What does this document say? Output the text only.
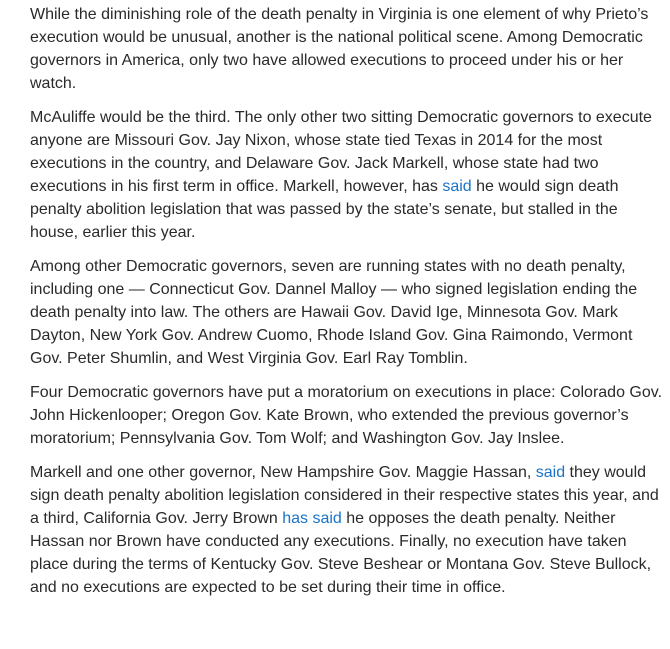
While the diminishing role of the death penalty in Virginia is one element of why Prieto’s execution would be unusual, another is the national political scene. Among Democratic governors in America, only two have allowed executions to proceed under his or her watch.

McAuliffe would be the third. The only other two sitting Democratic governors to execute anyone are Missouri Gov. Jay Nixon, whose state tied Texas in 2014 for the most executions in the country, and Delaware Gov. Jack Markell, whose state had two executions in his first term in office. Markell, however, has said he would sign death penalty abolition legislation that was passed by the state’s senate, but stalled in the house, earlier this year.

Among other Democratic governors, seven are running states with no death penalty, including one — Connecticut Gov. Dannel Malloy — who signed legislation ending the death penalty into law. The others are Hawaii Gov. David Ige, Minnesota Gov. Mark Dayton, New York Gov. Andrew Cuomo, Rhode Island Gov. Gina Raimondo, Vermont Gov. Peter Shumlin, and West Virginia Gov. Earl Ray Tomblin.

Four Democratic governors have put a moratorium on executions in place: Colorado Gov. John Hickenlooper; Oregon Gov. Kate Brown, who extended the previous governor’s moratorium; Pennsylvania Gov. Tom Wolf; and Washington Gov. Jay Inslee.

Markell and one other governor, New Hampshire Gov. Maggie Hassan, said they would sign death penalty abolition legislation considered in their respective states this year, and a third, California Gov. Jerry Brown has said he opposes the death penalty. Neither Hassan nor Brown have conducted any executions. Finally, no execution have taken place during the terms of Kentucky Gov. Steve Beshear or Montana Gov. Steve Bullock, and no executions are expected to be set during their time in office.
